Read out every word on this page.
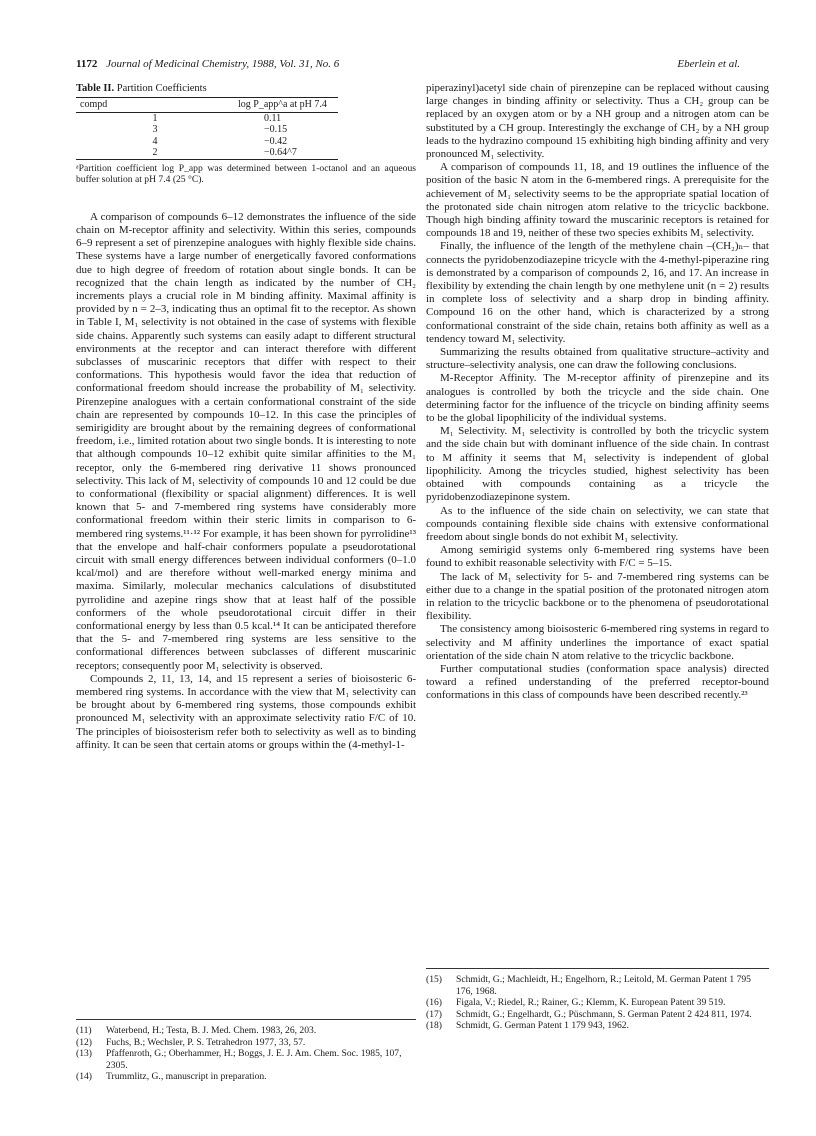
1172 Journal of Medicinal Chemistry, 1988, Vol. 31, No. 6	Eberlein et al.
Table II. Partition Coefficients
compd	log P_app^a at pH 7.4
1	0.11
3	−0.15
4	−0.42
2	−0.64^7
ᵃPartition coefficient log P_app was determined between 1-octanol and an aqueous buffer solution at pH 7.4 (25 °C).

A comparison of compounds 6–12 demonstrates the influence of the side chain on M-receptor affinity and selectivity. Within this series, compounds 6–9 represent a set of pirenzepine analogues with highly flexible side chains. These systems have a large number of energetically favored conformations due to high degree of freedom of rotation about single bonds. It can be recognized that the chain length as indicated by the number of CH₂ increments plays a crucial role in M binding affinity. Maximal affinity is provided by n = 2–3, indicating thus an optimal fit to the receptor. As shown in Table I, M₁ selectivity is not obtained in the case of systems with flexible side chains. Apparently such systems can easily adapt to different structural environments at the receptor and can interact therefore with different subclasses of muscarinic receptors that differ with respect to their conformations. This hypothesis would favor the idea that reduction of conformational freedom should increase the probability of M₁ selectivity. Pirenzepine analogues with a certain conformational constraint of the side chain are represented by compounds 10–12. In this case the principles of semirigidity are brought about by the remaining degrees of conformational freedom, i.e., limited rotation about two single bonds. It is interesting to note that although compounds 10–12 exhibit quite similar affinities to the M₁ receptor, only the 6-membered ring derivative 11 shows pronounced selectivity. This lack of M₁ selectivity of compounds 10 and 12 could be due to conformational (flexibility or spacial alignment) differences. It is well known that 5- and 7-membered ring systems have considerably more conformational freedom within their steric limits in comparison to 6-membered ring systems.¹¹·¹² For example, it has been shown for pyrrolidine¹³ that the envelope and half-chair conformers populate a pseudorotational circuit with small energy differences between individual conformers (0–1.0 kcal/mol) and are therefore without well-marked energy minima and maxima. Similarly, molecular mechanics calculations of disubstituted pyrrolidine and azepine rings show that at least half of the possible conformers of the whole pseudorotational circuit differ in their conformational energy by less than 0.5 kcal.¹⁴ It can be anticipated therefore that the 5- and 7-membered ring systems are less sensitive to the conformational differences between subclasses of different muscarinic receptors; consequently poor M₁ selectivity is observed.

Compounds 2, 11, 13, 14, and 15 represent a series of bioisosteric 6-membered ring systems. In accordance with the view that M₁ selectivity can be brought about by 6-membered ring systems, those compounds exhibit pronounced M₁ selectivity with an approximate selectivity ratio F/C of 10. The principles of bioisosterism refer both to selectivity as well as to binding affinity. It can be seen that certain atoms or groups within the (4-methyl-1-

piperazinyl)acetyl side chain of pirenzepine can be replaced without causing large changes in binding affinity or selectivity. Thus a CH₂ group can be replaced by an oxygen atom or by a NH group and a nitrogen atom can be substituted by a CH group. Interestingly the exchange of CH₂ by a NH group leads to the hydrazino compound 15 exhibiting high binding affinity and very pronounced M₁ selectivity.

A comparison of compounds 11, 18, and 19 outlines the influence of the position of the basic N atom in the 6-membered rings. A prerequisite for the achievement of M₁ selectivity seems to be the appropriate spatial location of the protonated side chain nitrogen atom relative to the tricyclic backbone. Though high binding affinity toward the muscarinic receptors is retained for compounds 18 and 19, neither of these two species exhibits M₁ selectivity.

Finally, the influence of the length of the methylene chain –(CH₂)ₙ– that connects the pyridobenzodiazepine tricycle with the 4-methyl-piperazine ring is demonstrated by a comparison of compounds 2, 16, and 17. An increase in flexibility by extending the chain length by one methylene unit (n = 2) results in complete loss of selectivity and a sharp drop in binding affinity. Compound 16 on the other hand, which is characterized by a strong conformational constraint of the side chain, retains both affinity as well as a tendency toward M₁ selectivity.

Summarizing the results obtained from qualitative structure–activity and structure–selectivity analysis, one can draw the following conclusions.

M-Receptor Affinity. The M-receptor affinity of pirenzepine and its analogues is controlled by both the tricycle and the side chain. One determining factor for the influence of the tricycle on binding affinity seems to be the global lipophilicity of the individual systems.

M₁ Selectivity. M₁ selectivity is controlled by both the tricyclic system and the side chain but with dominant influence of the side chain. In contrast to M affinity it seems that M₁ selectivity is independent of global lipophilicity. Among the tricycles studied, highest selectivity has been obtained with compounds containing as a tricycle the pyridobenzodiazepinone system.

As to the influence of the side chain on selectivity, we can state that compounds containing flexible side chains with extensive conformational freedom about single bonds do not exhibit M₁ selectivity.

Among semirigid systems only 6-membered ring systems have been found to exhibit reasonable selectivity with F/C = 5–15.

The lack of M₁ selectivity for 5- and 7-membered ring systems can be either due to a change in the spatial position of the protonated nitrogen atom in relation to the tricyclic backbone or to the phenomena of pseudorotational flexibility.

The consistency among bioisosteric 6-membered ring systems in regard to selectivity and M affinity underlines the importance of exact spatial orientation of the side chain N atom relative to the tricyclic backbone.

Further computational studies (conformation space analysis) directed toward a refined understanding of the preferred receptor-bound conformations in this class of compounds have been described recently.²³

(11) Waterbend, H.; Testa, B. J. Med. Chem. 1983, 26, 203.
(12) Fuchs, B.; Wechsler, P. S. Tetrahedron 1977, 33, 57.
(13) Pfaffenroth, G.; Oberhammer, H.; Boggs, J. E. J. Am. Chem. Soc. 1985, 107, 2305.
(14) Trummlitz, G., manuscript in preparation.
(15) Schmidt, G.; Machleidt, H.; Engelhorn, R.; Leitold, M. German Patent 1 795 176, 1968.
(16) Figala, V.; Riedel, R.; Rainer, G.; Klemm, K. European Patent 39 519.
(17) Schmidt, G.; Engelhardt, G.; Püschmann, S. German Patent 2 424 811, 1974.
(18) Schmidt, G. German Patent 1 179 943, 1962.
